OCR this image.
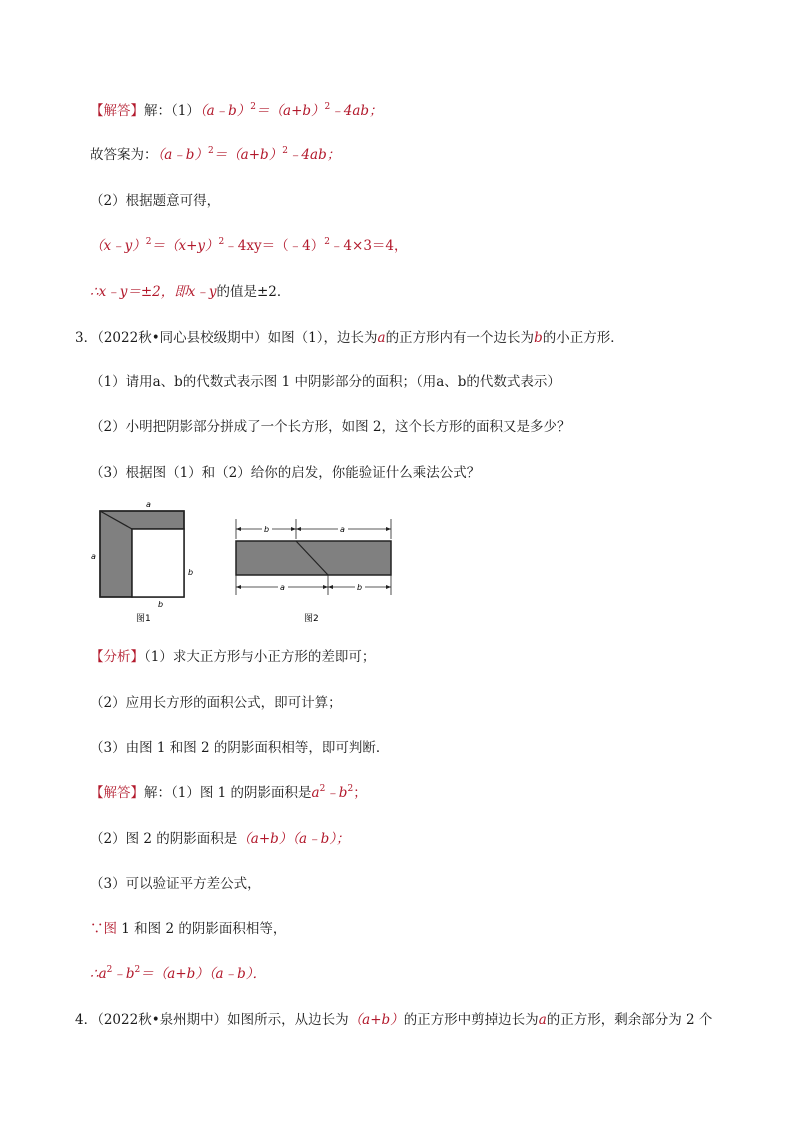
【解答】解：$(1)(a﹣b)^2=(a+b)^2﹣4ab$；
故答案为：$(a﹣b)^2=(a+b)^2﹣4ab$；
（2）根据题意可得，
$(x﹣y)^2=(x+y)^2﹣4xy=(﹣4)^2﹣4\times 3=4$，
∴x﹣y＝±2，即x﹣y的值是±2．
3．（2022秋•同心县校级期中）如图（1），边长为a的正方形内有一个边长为b的小正方形．
（1）请用a、b的代数式表示图 1 中阴影部分的面积；（用a、b的代数式表示）
（2）小明把阴影部分拼成了一个长方形，如图 2，这个长方形的面积又是多少？
（3）根据图（1）和（2）给你的启发，你能验证什么乘法公式？
a
a
b
b
图1
b	a
a	b
图2
【分析】（1）求大正方形与小正方形的差即可；
（2）应用长方形的面积公式，即可计算；
（3）由图 1 和图 2 的阴影面积相等，即可判断．
【解答】解：（1）图 1 的阴影面积是$a^2﹣b^2$；
（2）图 2 的阴影面积是（a+b）（a﹣b）；
（3）可以验证平方差公式，
∵图 1 和图 2 的阴影面积相等，
$\therefore a^2﹣b^2=(a+b)(a﹣b)$．
4．（2022秋•泉州期中）如图所示，从边长为（a+b）的正方形中剪掉边长为a的正方形，剩余部分为 2 个
